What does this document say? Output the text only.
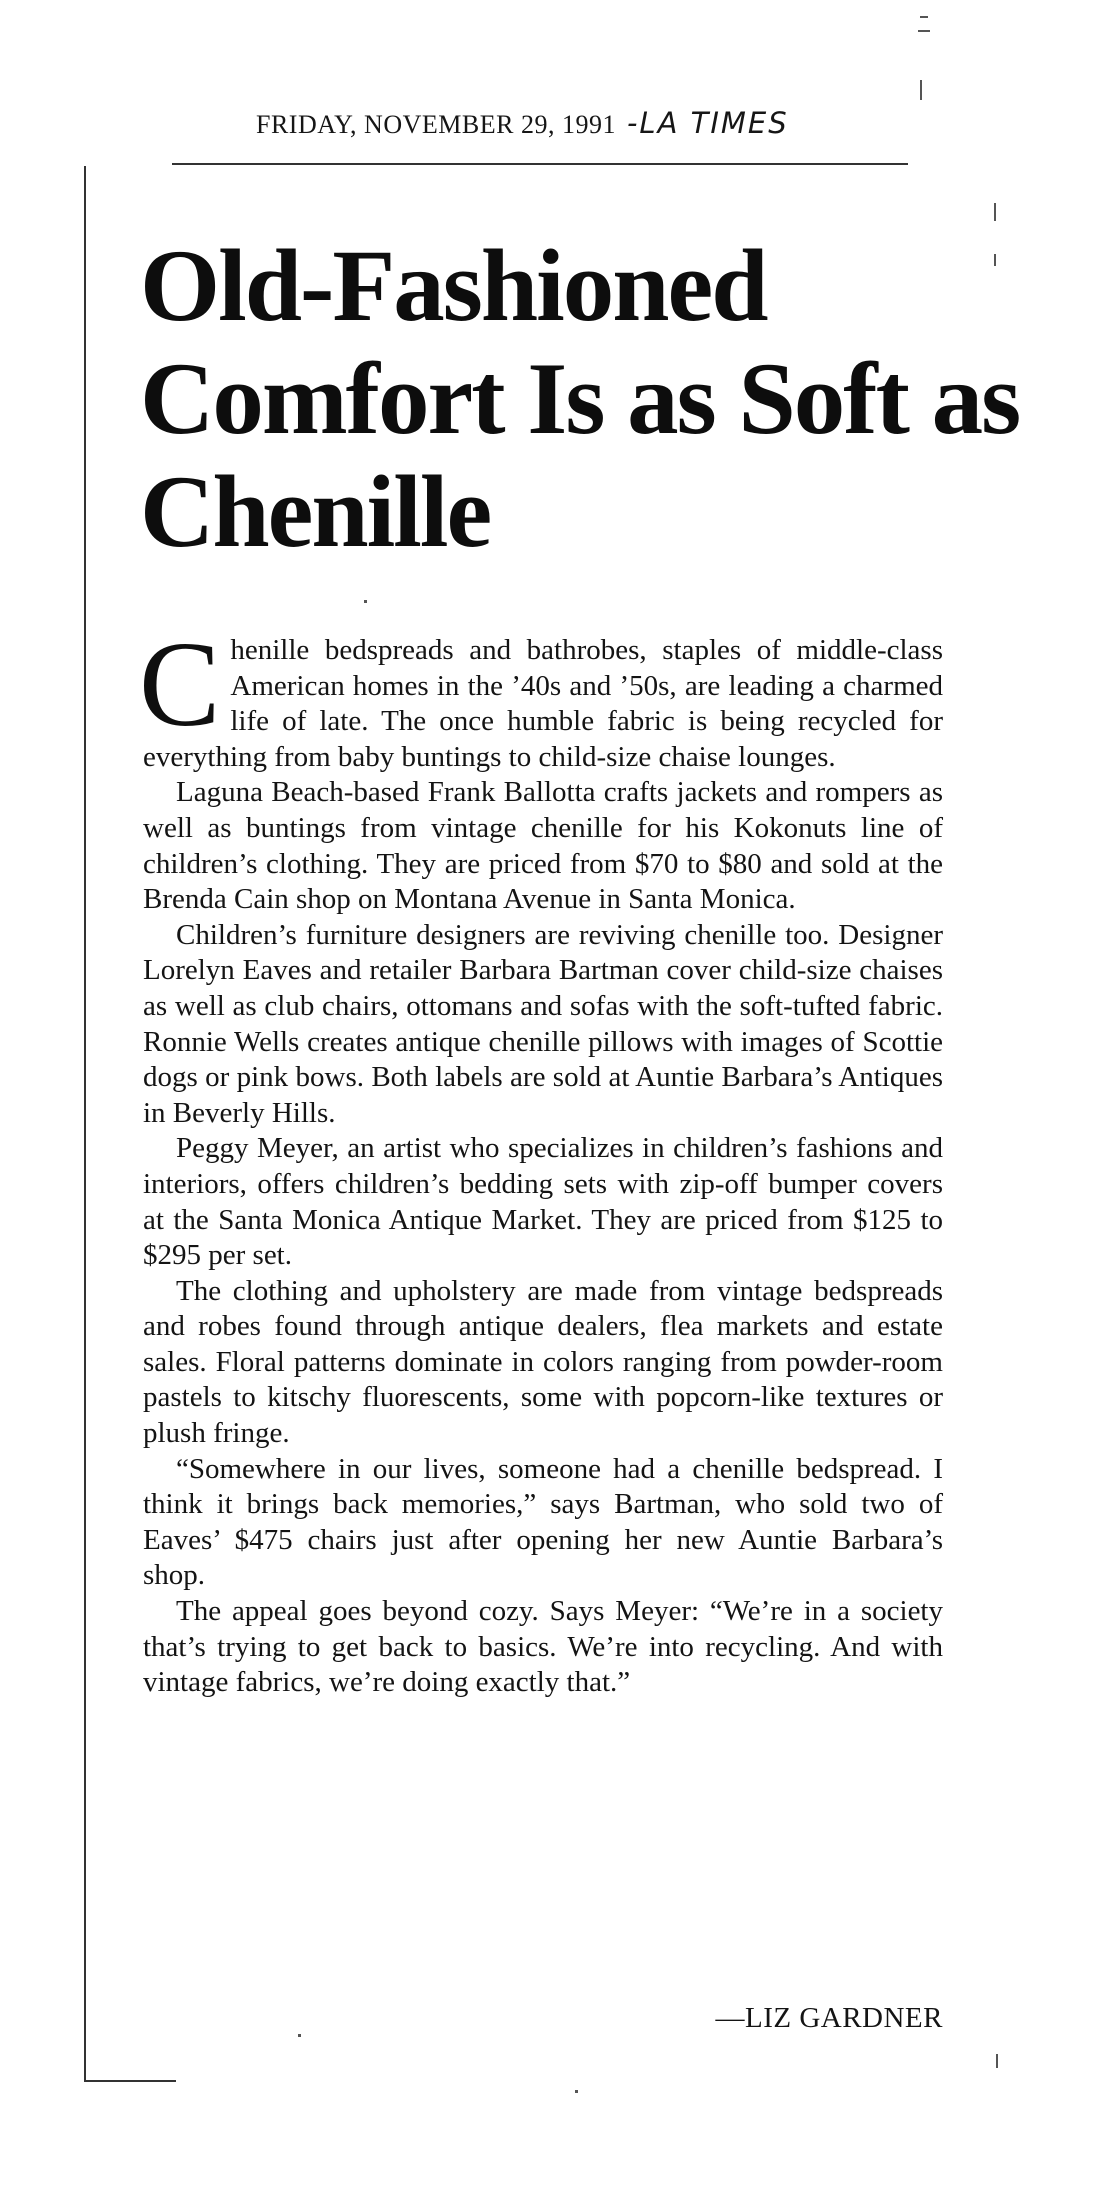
FRIDAY, NOVEMBER 29, 1991 -LA TIMES
Old-Fashioned Comfort Is as Soft as Chenille

Chenille bedspreads and bathrobes, staples of middle-class American homes in the ’40s and ’50s, are leading a charmed life of late. The once humble fabric is being recycled for everything from baby buntings to child-size chaise lounges.

Laguna Beach-based Frank Ballotta crafts jackets and rompers as well as buntings from vintage chenille for his Kokonuts line of children’s clothing. They are priced from $70 to $80 and sold at the Brenda Cain shop on Montana Avenue in Santa Monica.

Children’s furniture designers are reviving chenille too. Designer Lorelyn Eaves and retailer Barbara Bartman cover child-size chaises as well as club chairs, ottomans and sofas with the soft-tufted fabric. Ronnie Wells creates antique chenille pillows with images of Scottie dogs or pink bows. Both labels are sold at Auntie Barbara’s Antiques in Beverly Hills.

Peggy Meyer, an artist who specializes in children’s fashions and interiors, offers children’s bedding sets with zip-off bumper covers at the Santa Monica Antique Market. They are priced from $125 to $295 per set.

The clothing and upholstery are made from vintage bedspreads and robes found through antique dealers, flea markets and estate sales. Floral patterns dominate in colors ranging from powder-room pastels to kitschy fluorescents, some with popcorn-like textures or plush fringe.

“Somewhere in our lives, someone had a chenille bedspread. I think it brings back memories,” says Bartman, who sold two of Eaves’ $475 chairs just after opening her new Auntie Barbara’s shop.

The appeal goes beyond cozy. Says Meyer: “We’re in a society that’s trying to get back to basics. We’re into recycling. And with vintage fabrics, we’re doing exactly that.”

—LIZ GARDNER
